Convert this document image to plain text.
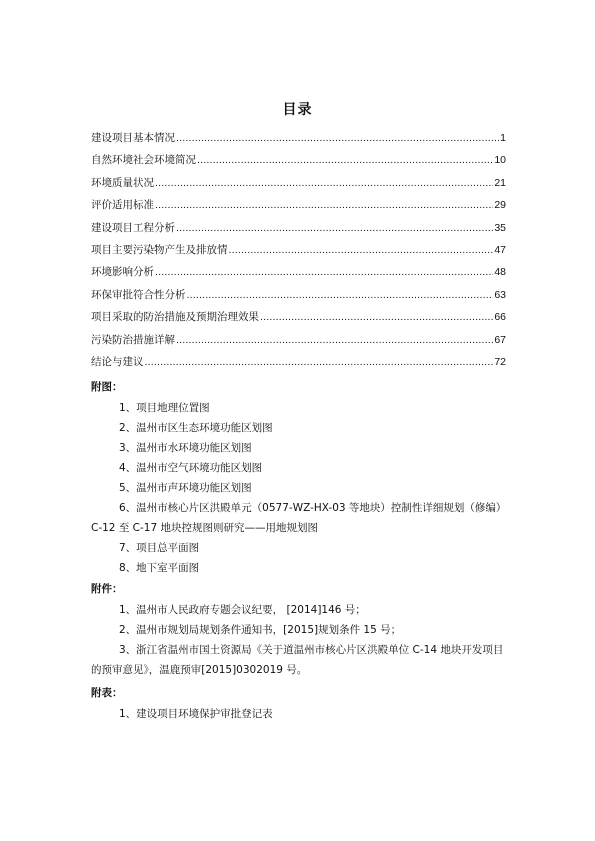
目录
建设项目基本情况 .....	1
自然环境社会环境简况 .....	10
环境质量状况 .....	21
评价适用标准 .....	29
建设项目工程分析 .....	35
项目主要污染物产生及排放情 .....	47
环境影响分析 .....	48
环保审批符合性分析 .....	63
项目采取的防治措施及预期治理效果 .....	66
污染防治措施详解 .....	67
结论与建议 .....	72
附图：
1、项目地理位置图
2、温州市区生态环境功能区划图
3、温州市水环境功能区划图
4、温州市空气环境功能区划图
5、温州市声环境功能区划图
6、温州市核心片区洪殿单元（0577-WZ-HX-03 等地块）控制性详细规划（修编）C-12 至 C-17 地块控规图则研究——用地规划图
7、项目总平面图
8、地下室平面图
附件：
1、温州市人民政府专题会议纪要， [2014]146 号；
2、温州市规划局规划条件通知书，[2015]规划条件 15 号；
3、浙江省温州市国土资源局《关于道温州市核心片区洪殿单位 C-14 地块开发项目的预审意见》，温鹿预审[2015]0302019 号。
附表：
1、建设项目环境保护审批登记表
